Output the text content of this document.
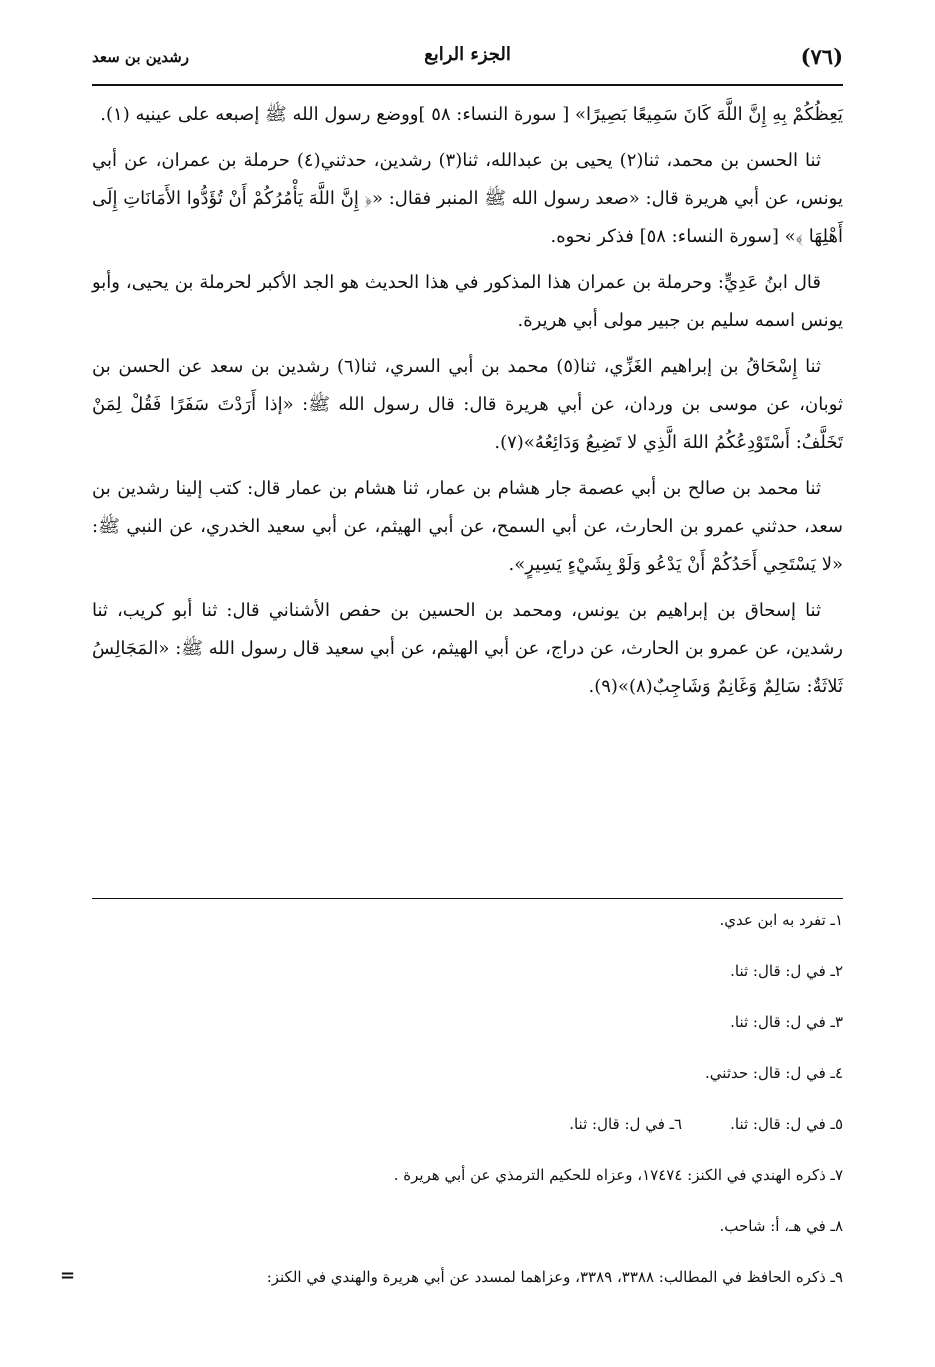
(٧٦)
الجزء الرابع
رشدين بن سعد

يَعِظُكُمْ بِهِ إِنَّ اللَّهَ كَانَ سَمِيعًا بَصِيرًا» [ سورة النساء: ٥٨ ]ووضع رسول الله ﷺ إصبعه على عينيه (١).

ثنا الحسن بن محمد، ثنا(٢) يحيى بن عبدالله، ثنا(٣) رشدين، حدثني(٤) حرملة بن عمران، عن أبي يونس، عن أبي هريرة قال: «صعد رسول الله ﷺ المنبر فقال: «﴿ إِنَّ اللَّهَ يَأْمُرُكُمْ أَنْ تُؤَدُّوا الأَمَانَاتِ إِلَى أَهْلِهَا ﴾» [سورة النساء: ٥٨] فذكر نحوه.

قال ابنُ عَدِيٍّ: وحرملة بن عمران هذا المذكور في هذا الحديث هو الجد الأكبر لحرملة بن يحيى، وأبو يونس اسمه سليم بن جبير مولى أبي هريرة.

ثنا إِسْحَاقُ بن إبراهيم الغَزِّي، ثنا(٥) محمد بن أبي السري، ثنا(٦) رشدين بن سعد عن الحسن بن ثوبان، عن موسى بن وردان، عن أبي هريرة قال: قال رسول الله ﷺ: «إذا أَرَدْتَ سَفَرًا فَقُلْ لِمَنْ تَخَلَّفُ: أَسْتَوْدِعُكُمُ اللهَ الَّذِي لا تَضِيعُ وَدَائِعُهُ»(٧).

ثنا محمد بن صالح بن أبي عصمة جار هشام بن عمار، ثنا هشام بن عمار قال: كتب إلينا رشدين بن سعد، حدثني عمرو بن الحارث، عن أبي السمح، عن أبي الهيثم، عن أبي سعيد الخدري، عن النبي ﷺ: «لا يَسْتَحِي أَحَدُكُمْ أَنْ يَدْعُو وَلَوْ بِشَيْءٍ يَسِيرٍ».

ثنا إسحاق بن إبراهيم بن يونس، ومحمد بن الحسين بن حفص الأشناني قال: ثنا أبو كريب، ثنا رشدين، عن عمرو بن الحارث، عن دراج، عن أبي الهيثم، عن أبي سعيد قال رسول الله ﷺ: «المَجَالِسُ ثَلاثَةٌ: سَالِمٌ وَغَانِمٌ وَشَاجِبٌ(٨)»(٩).

١ـ تفرد به ابن عدي.
٢ـ في ل: قال: ثنا.
٣ـ في ل: قال: ثنا.
٤ـ في ل: قال: حدثني.
٥ـ في ل: قال: ثنا.
٦ـ في ل: قال: ثنا.
٧ـ ذكره الهندي في الكنز: ١٧٤٧٤، وعزاه للحكيم الترمذي عن أبي هريرة .
٨ـ في هـ، أ: شاحب.
٩ـ ذكره الحافظ في المطالب: ٣٣٨٨، ٣٣٨٩، وعزاهما لمسدد عن أبي هريرة والهندي في الكنز:
=
